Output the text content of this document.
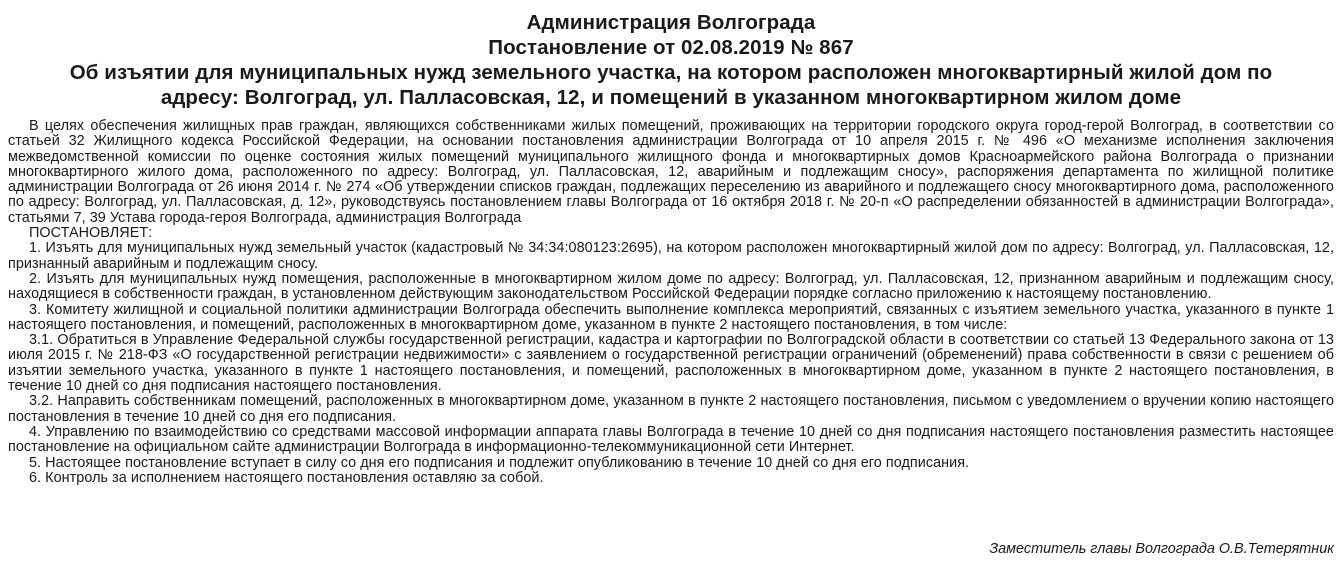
Администрация Волгограда
Постановление от 02.08.2019 № 867
Об изъятии для муниципальных нужд земельного участка, на котором расположен многоквартирный жилой дом по
адресу: Волгоград, ул. Палласовская, 12, и помещений в указанном многоквартирном жилом доме

В целях обеспечения жилищных прав граждан, являющихся собственниками жилых помещений, проживающих на территории городского округа город-герой Волгоград, в соответствии со статьей 32 Жилищного кодекса Российской Федерации, на основании постановления администрации Волгограда от 10 апреля 2015 г. № 496 «О механизме исполнения заключения межведомственной комиссии по оценке состояния жилых помещений муниципального жилищного фонда и многоквартирных домов Красноармейского района Волгограда о признании многоквартирного жилого дома, расположенного по адресу: Волгоград, ул. Палласовская, 12, аварийным и подлежащим сносу», распоряжения департамента по жилищной политике администрации Волгограда от 26 июня 2014 г. № 274 «Об утверждении списков граждан, подлежащих переселению из аварийного и подлежащего сносу многоквартирного дома, расположенного по адресу: Волгоград, ул. Палласовская, д. 12», руководствуясь постановлением главы Волгограда от 16 октября 2018 г. № 20-п «О распределении обязанностей в администрации Волгограда», статьями 7, 39 Устава города-героя Волгограда, администрация Волгограда

ПОСТАНОВЛЯЕТ:

1. Изъять для муниципальных нужд земельный участок (кадастровый № 34:34:080123:2695), на котором расположен многоквартирный жилой дом по адресу: Волгоград, ул. Палласовская, 12, признанный аварийным и подлежащим сносу.

2. Изъять для муниципальных нужд помещения, расположенные в многоквартирном жилом доме по адресу: Волгоград, ул. Палласовская, 12, признанном аварийным и подлежащим сносу, находящиеся в собственности граждан, в установленном действующим законодательством Российской Федерации порядке согласно приложению к настоящему постановлению.

3. Комитету жилищной и социальной политики администрации Волгограда обеспечить выполнение комплекса мероприятий, связанных с изъятием земельного участка, указанного в пункте 1 настоящего постановления, и помещений, расположенных в многоквартирном доме, указанном в пункте 2 настоящего постановления, в том числе:

3.1. Обратиться в Управление Федеральной службы государственной регистрации, кадастра и картографии по Волгоградской области в соответствии со статьей 13 Федерального закона от 13 июля 2015 г. № 218-ФЗ «О государственной регистрации недвижимости» с заявлением о государственной регистрации ограничений (обременений) права собственности в связи с решением об изъятии земельного участка, указанного в пункте 1 настоящего постановления, и помещений, расположенных в многоквартирном доме, указанном в пункте 2 настоящего постановления, в течение 10 дней со дня подписания настоящего постановления.

3.2. Направить собственникам помещений, расположенных в многоквартирном доме, указанном в пункте 2 настоящего постановления, письмом с уведомлением о вручении копию настоящего постановления в течение 10 дней со дня его подписания.

4. Управлению по взаимодействию со средствами массовой информации аппарата главы Волгограда в течение 10 дней со дня подписания настоящего постановления разместить настоящее постановление на официальном сайте администрации Волгограда в информационно-телекоммуникационной сети Интернет.

5. Настоящее постановление вступает в силу со дня его подписания и подлежит опубликованию в течение 10 дней со дня его подписания.

6. Контроль за исполнением настоящего постановления оставляю за собой.

Заместитель главы Волгограда О.В.Тетерятник
